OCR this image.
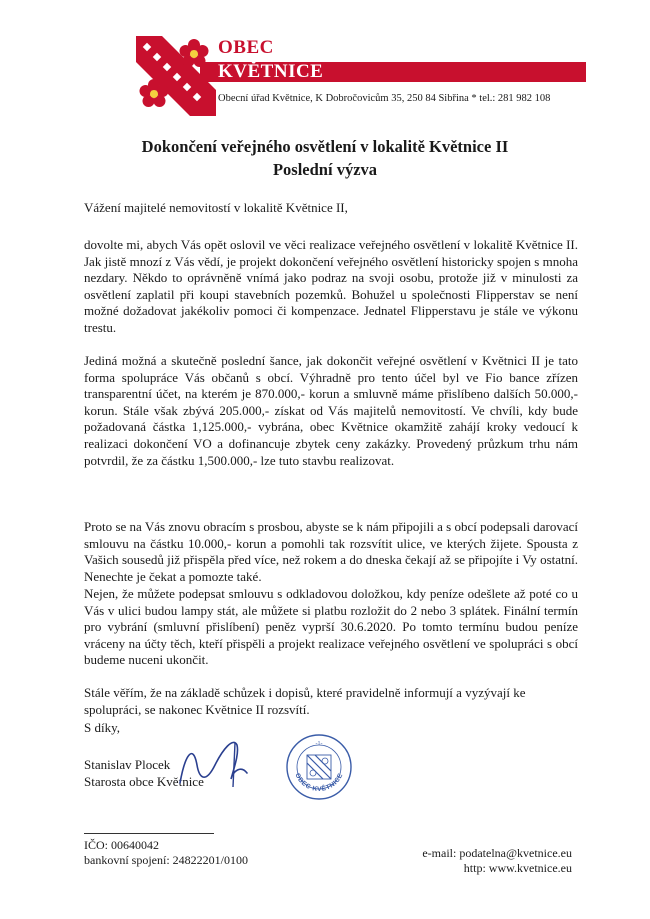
OBEC
KVĚTNICE
Obecní úřad Květnice, K Dobročovicům 35, 250 84 Sibřina * tel.: 281 982 108
Dokončení veřejného osvětlení v lokalitě Květnice II
Poslední výzva
Vážení majitelé nemovitostí v lokalitě Květnice II,
dovolte mi, abych Vás opět oslovil ve věci realizace veřejného osvětlení v lokalitě Květnice II. Jak jistě mnozí z Vás vědí, je projekt dokončení veřejného osvětlení historicky spojen s mnoha nezdary. Někdo to oprávněně vnímá jako podraz na svoji osobu, protože již v minulosti za osvětlení zaplatil při koupi stavebních pozemků. Bohužel u společnosti Flipperstav se není možné dožadovat jakékoliv pomoci či kompenzace. Jednatel Flipperstavu je stále ve výkonu trestu.
Jediná možná a skutečně poslední šance, jak dokončit veřejné osvětlení v Květnici II je tato forma spolupráce Vás občanů s obcí. Výhradně pro tento účel byl ve Fio bance zřízen transparentní účet, na kterém je 870.000,- korun a smluvně máme přislíbeno dalších 50.000,- korun. Stále však zbývá 205.000,- získat od Vás majitelů nemovitostí. Ve chvíli, kdy bude požadovaná částka 1,125.000,- vybrána, obec Květnice okamžitě zahájí kroky vedoucí k realizaci dokončení VO a dofinancuje zbytek ceny zakázky. Provedený průzkum trhu nám potvrdil, že za částku 1,500.000,- lze tuto stavbu realizovat.
Proto se na Vás znovu obracím s prosbou, abyste se k nám připojili a s obcí podepsali darovací smlouvu na částku 10.000,- korun a pomohli tak rozsvítit ulice, ve kterých žijete. Spousta z Vašich sousedů již přispěla před více, než rokem a do dneska čekají až se připojíte i Vy ostatní. Nenechte je čekat a pomozte také.
Nejen, že můžete podepsat smlouvu s odkladovou doložkou, kdy peníze odešlete až poté co u Vás v ulici budou lampy stát, ale můžete si platbu rozložit do 2 nebo 3 splátek. Finální termín pro vybrání (smluvní přislíbení) peněz vyprší 30.6.2020. Po tomto termínu budou peníze vráceny na účty těch, kteří přispěli a projekt realizace veřejného osvětlení ve spolupráci s obcí budeme nuceni ukončit.
Stále věřím, že na základě schůzek i dopisů, které pravidelně informují a vyzývají ke spolupráci, se nakonec Květnice II rozsvítí.
S díky,
Stanislav Plocek
Starosta obce Květnice
-1-
OBEC KVĚTNICE
IČO: 00640042
bankovní spojení: 24822201/0100	e-mail: podatelna@kvetnice.eu
http: www.kvetnice.eu
